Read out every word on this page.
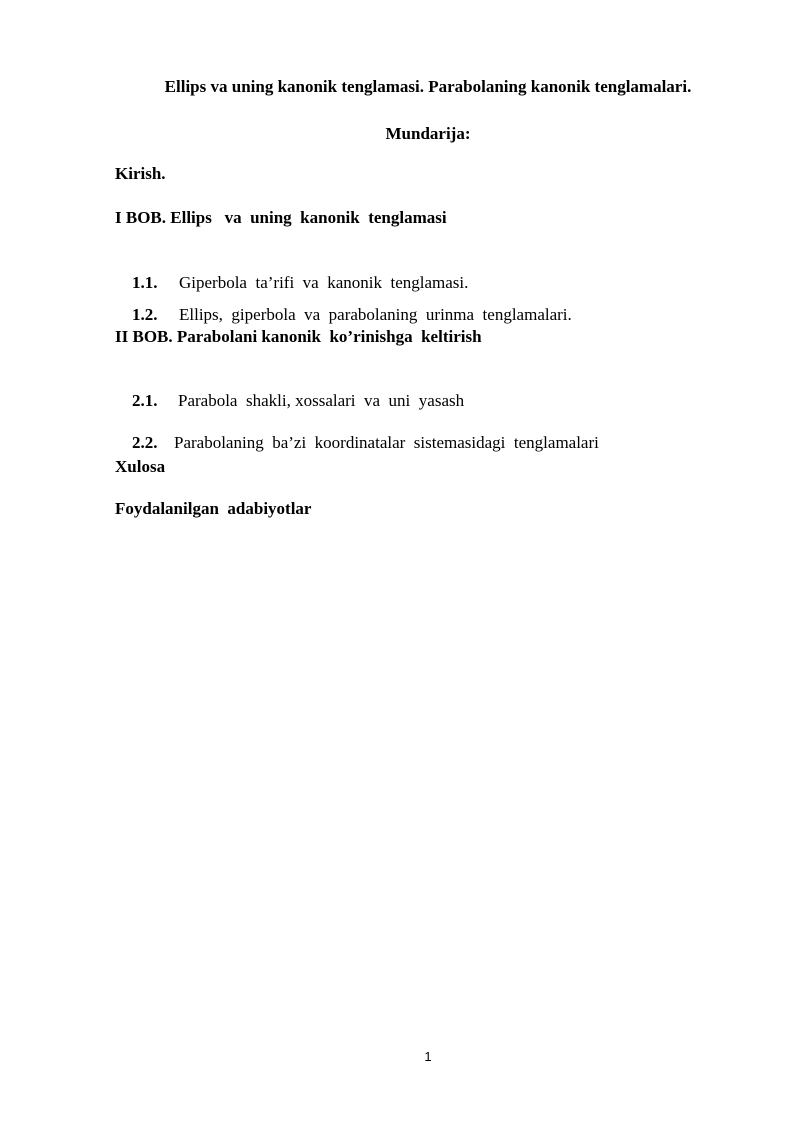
Ellips va uning kanonik tenglamasi. Parabolaning kanonik tenglamalari.
Mundarija:
Kirish.
I BOB. Ellips   va  uning  kanonik  tenglamasi

1.1. Giperbola  ta’rifi  va  kanonik  tenglamasi.

1.2. Ellips,  giperbola  va  parabolaning  urinma  tenglamalari.

II BOB. Parabolani kanonik  ko’rinishga  keltirish

2.1. Parabola  shakli, xossalari  va  uni  yasash

2.2. Parabolaning  ba’zi  koordinatalar  sistemasidagi  tenglamalari

Xulosa
Foydalanilgan  adabiyotlar
1
